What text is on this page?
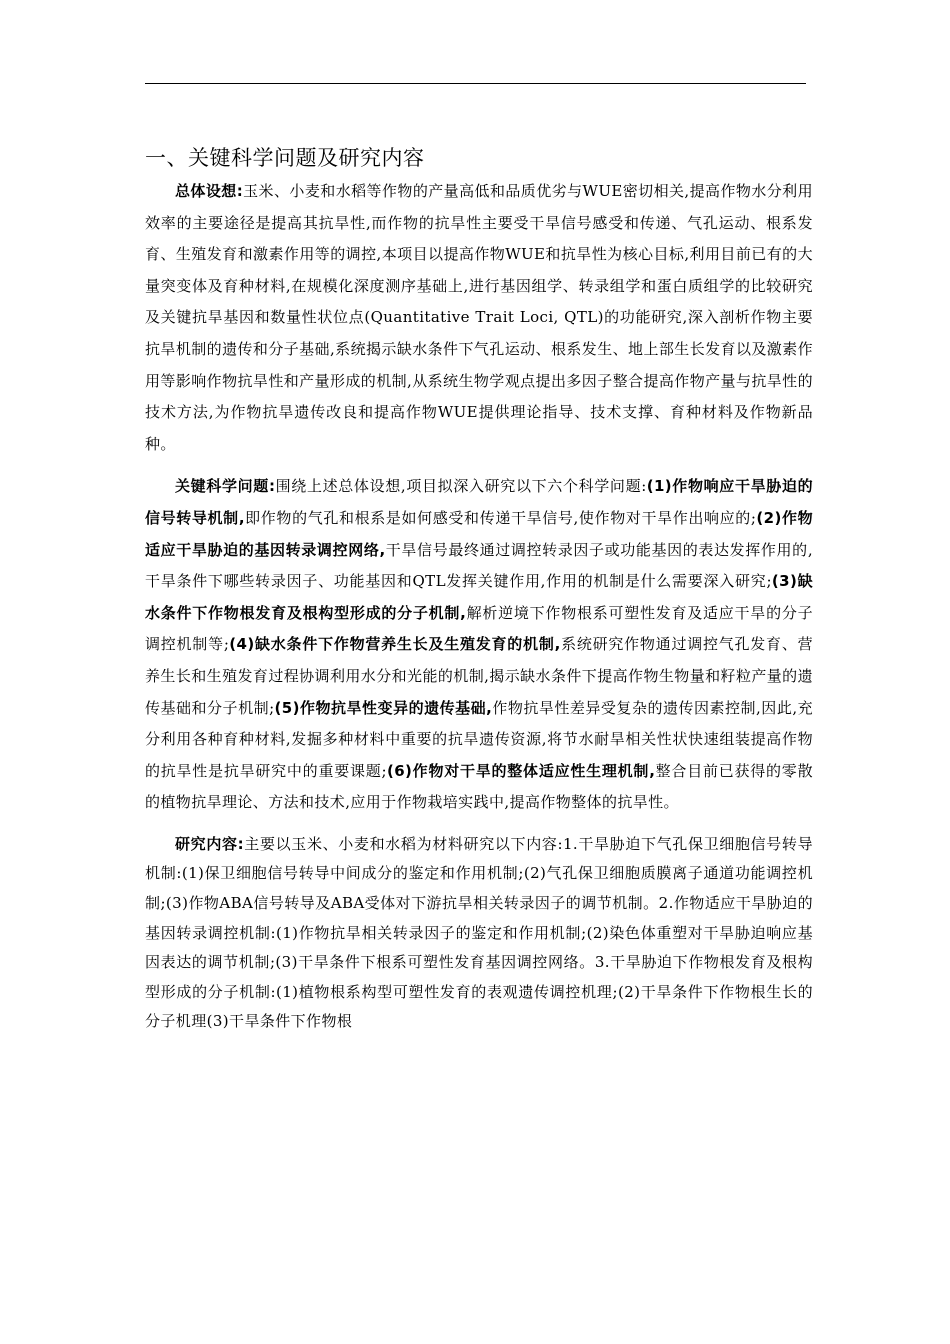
一、关键科学问题及研究内容

总体设想:玉米、小麦和水稻等作物的产量高低和品质优劣与WUE密切相关,提高作物水分利用效率的主要途径是提高其抗旱性,而作物的抗旱性主要受干旱信号感受和传递、气孔运动、根系发育、生殖发育和激素作用等的调控,本项目以提高作物WUE和抗旱性为核心目标,利用目前已有的大量突变体及育种材料,在规模化深度测序基础上,进行基因组学、转录组学和蛋白质组学的比较研究及关键抗旱基因和数量性状位点(Quantitative Trait Loci, QTL)的功能研究,深入剖析作物主要抗旱机制的遗传和分子基础,系统揭示缺水条件下气孔运动、根系发生、地上部生长发育以及激素作用等影响作物抗旱性和产量形成的机制,从系统生物学观点提出多因子整合提高作物产量与抗旱性的技术方法,为作物抗旱遗传改良和提高作物WUE提供理论指导、技术支撑、育种材料及作物新品种。

关键科学问题:围绕上述总体设想,项目拟深入研究以下六个科学问题:(1)作物响应干旱胁迫的信号转导机制,即作物的气孔和根系是如何感受和传递干旱信号,使作物对干旱作出响应的;(2)作物适应干旱胁迫的基因转录调控网络,干旱信号最终通过调控转录因子或功能基因的表达发挥作用的,干旱条件下哪些转录因子、功能基因和QTL发挥关键作用,作用的机制是什么需要深入研究;(3)缺水条件下作物根发育及根构型形成的分子机制,解析逆境下作物根系可塑性发育及适应干旱的分子调控机制等;(4)缺水条件下作物营养生长及生殖发育的机制,系统研究作物通过调控气孔发育、营养生长和生殖发育过程协调利用水分和光能的机制,揭示缺水条件下提高作物生物量和籽粒产量的遗传基础和分子机制;(5)作物抗旱性变异的遗传基础,作物抗旱性差异受复杂的遗传因素控制,因此,充分利用各种育种材料,发掘多种材料中重要的抗旱遗传资源,将节水耐旱相关性状快速组装提高作物的抗旱性是抗旱研究中的重要课题;(6)作物对干旱的整体适应性生理机制,整合目前已获得的零散的植物抗旱理论、方法和技术,应用于作物栽培实践中,提高作物整体的抗旱性。

研究内容:主要以玉米、小麦和水稻为材料研究以下内容:1.干旱胁迫下气孔保卫细胞信号转导机制:(1)保卫细胞信号转导中间成分的鉴定和作用机制;(2)气孔保卫细胞质膜离子通道功能调控机制;(3)作物ABA信号转导及ABA受体对下游抗旱相关转录因子的调节机制。2.作物适应干旱胁迫的基因转录调控机制:(1)作物抗旱相关转录因子的鉴定和作用机制;(2)染色体重塑对干旱胁迫响应基因表达的调节机制;(3)干旱条件下根系可塑性发育基因调控网络。3.干旱胁迫下作物根发育及根构型形成的分子机制:(1)植物根系构型可塑性发育的表观遗传调控机理;(2)干旱条件下作物根生长的分子机理(3)干旱条件下作物根
